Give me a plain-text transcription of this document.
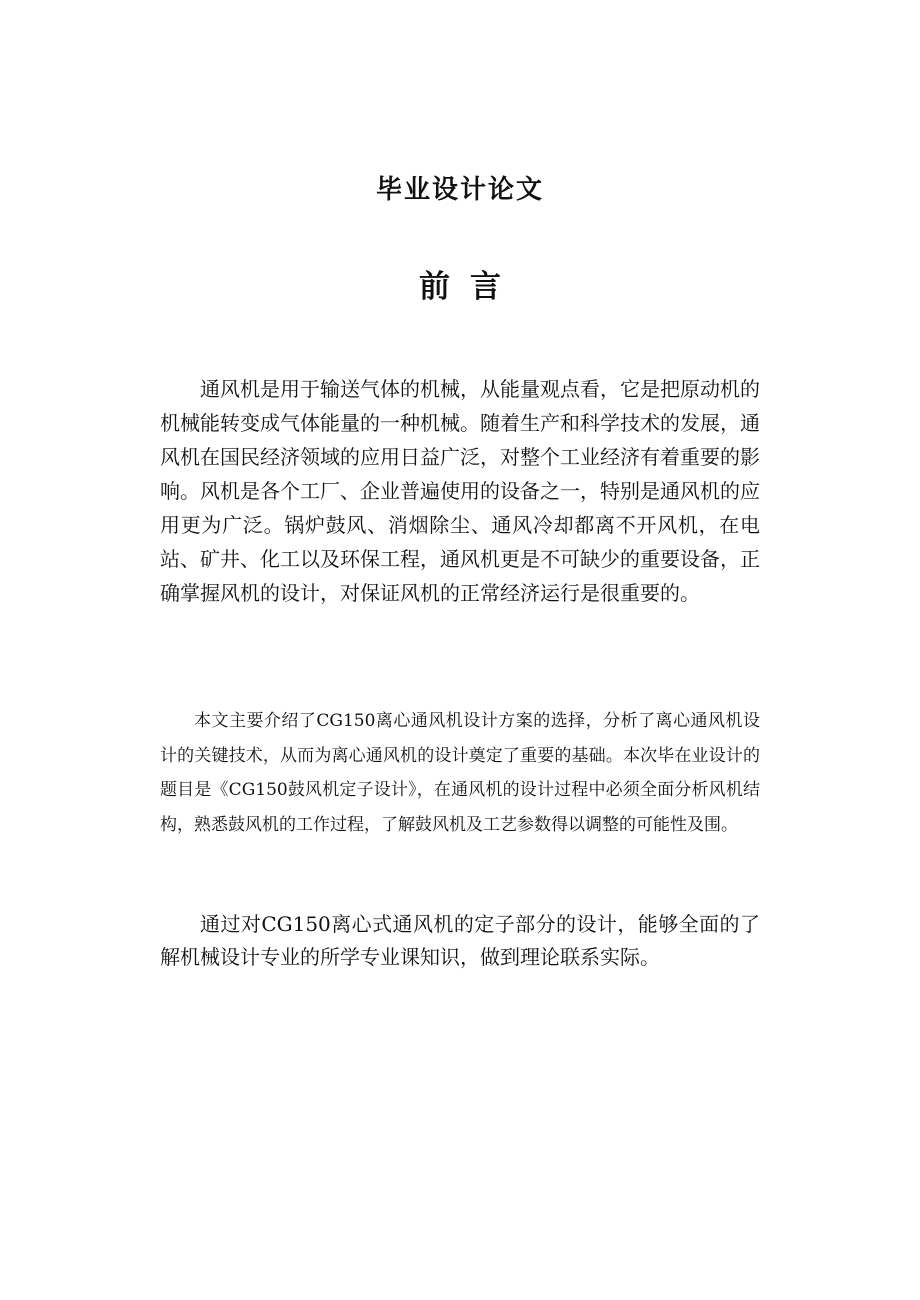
毕业设计论文
前言

通风机是用于输送气体的机械，从能量观点看，它是把原动机的机械能转变成气体能量的一种机械。随着生产和科学技术的发展，通风机在国民经济领域的应用日益广泛，对整个工业经济有着重要的影响。风机是各个工厂、企业普遍使用的设备之一，特别是通风机的应用更为广泛。锅炉鼓风、消烟除尘、通风冷却都离不开风机，在电站、矿井、化工以及环保工程，通风机更是不可缺少的重要设备，正确掌握风机的设计，对保证风机的正常经济运行是很重要的。

本文主要介绍了CG150离心通风机设计方案的选择，分析了离心通风机设计的关键技术，从而为离心通风机的设计奠定了重要的基础。本次毕在业设计的题目是《CG150鼓风机定子设计》，在通风机的设计过程中必须全面分析风机结构，熟悉鼓风机的工作过程，了解鼓风机及工艺参数得以调整的可能性及围。

通过对CG150离心式通风机的定子部分的设计，能够全面的了解机械设计专业的所学专业课知识，做到理论联系实际。
